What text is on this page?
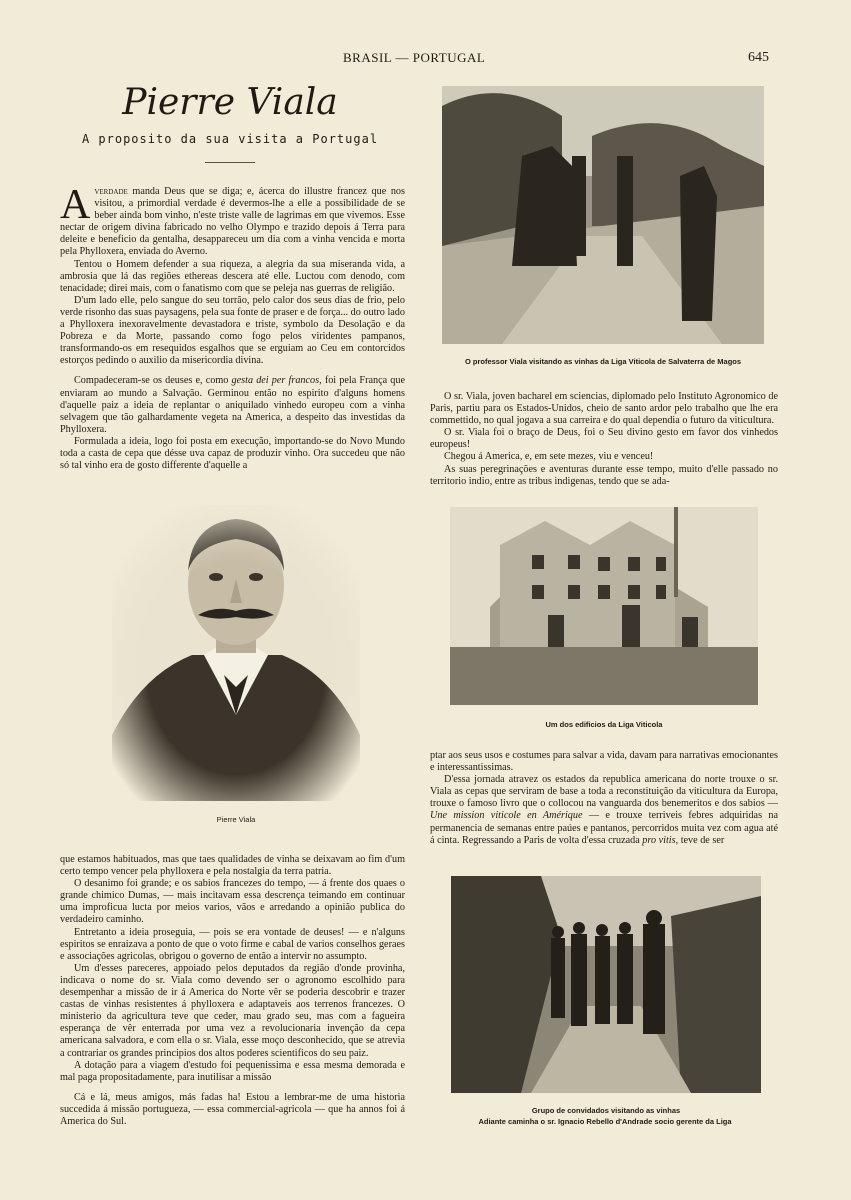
BRASIL — PORTUGAL	645
Pierre Viala
A proposito da sua visita a Portugal

Averdade manda Deus que se diga; e, ácerca do illustre francez que nos visitou, a primordial verdade é devermos-lhe a elle a possibilidade de se beber ainda bom vinho, n'este triste valle de lagrimas em que vivemos. Esse nectar de origem divina fabricado no velho Olympo e trazido depois á Terra para deleite e beneficio da gentalha, desappareceu um dia com a vinha vencida e morta pela Phylloxera, enviada do Averno.

Tentou o Homem defender a sua riqueza, a alegria da sua miseranda vida, a ambrosia que lá das regiões ethereas descera até elle. Luctou com denodo, com tenacidade; direi mais, com o fanatismo com que se peleja nas guerras de religião.

D'um lado elle, pelo sangue do seu torrão, pelo calor dos seus dias de frio, pelo verde risonho das suas paysagens, pela sua fonte de praser e de força... do outro lado a Phylloxera inexoravelmente devastadora e triste, symbolo da Desolação e da Pobreza e da Morte, passando como fogo pelos viridentes pampanos, transformando-os em resequidos esgalhos que se erguiam ao Ceu em contorcidos estorços pedindo o auxilio da misericordia divina.

Compadeceram-se os deuses e, como gesta dei per francos, foi pela França que enviaram ao mundo a Salvação. Germinou então no espirito d'alguns homens d'aquelle paiz a ideia de replantar o aniquilado vinhedo europeu com a vinha selvagem que tão galhardamente vegeta na America, a despeito das investidas da Phylloxera.

Formulada a ideia, logo foi posta em execução, importando-se do Novo Mundo toda a casta de cepa que désse uva capaz de produzir vinho. Ora succedeu que não só tal vinho era de gosto differente d'aquelle a

Pierre Viala

que estamos habituados, mas que taes qualidades de vinha se deixavam ao fim d'um certo tempo vencer pela phylloxera e pela nostalgia da terra patria.

O desanimo foi grande; e os sabios francezes do tempo, — á frente dos quaes o grande chimico Dumas, — mais incitavam essa descrença teimando em continuar uma improficua lucta por meios varios, vãos e arredando a opinião publica do verdadeiro caminho.

Entretanto a ideia proseguia, — pois se era vontade de deuses! — e n'alguns espiritos se enraizava a ponto de que o voto firme e cabal de varios conselhos geraes e associações agricolas, obrigou o governo de então a intervir no assumpto.

Um d'esses pareceres, appoiado pelos deputados da região d'onde provinha, indicava o nome do sr. Viala como devendo ser o agronomo escolhido para desempenhar a missão de ir á America do Norte vêr se poderia descobrir e trazer castas de vinhas resistentes á phylloxera e adaptaveis aos terrenos francezes. O ministerio da agricultura teve que ceder, mau grado seu, mas com a fagueira esperança de vêr enterrada por uma vez a revolucionaria invenção da cepa americana salvadora, e com ella o sr. Viala, esse moço desconhecido, que se atrevia a contrariar os grandes principios dos altos poderes scientificos do seu paiz.

A dotação para a viagem d'estudo foi pequenissima e essa mesma demorada e mal paga propositadamente, para inutilisar a missão

Cá e lá, meus amigos, más fadas ha! Estou a lembrar-me de uma historia succedida á missão portugueza, — essa commercial-agricola — que ha annos foi á America do Sul.

O professor Viala visitando as vinhas da Liga Viticola de Salvaterra de Magos

O sr. Viala, joven bacharel em sciencias, diplomado pelo Instituto Agronomico de Paris, partiu para os Estados-Unidos, cheio de santo ardor pelo trabalho que lhe era commettido, no qual jogava a sua carreira e do qual dependia o futuro da viticultura.

O sr. Viala foi o braço de Deus, foi o Seu divino gesto em favor dos vinhedos europeus!

Chegou á America, e, em sete mezes, viu e venceu!

As suas peregrinações e aventuras durante esse tempo, muito d'elle passado no territorio indio, entre as tribus indigenas, tendo que se ada-

Um dos edificios da Liga Viticola

ptar aos seus usos e costumes para salvar a vida, davam para narrativas emocionantes e interessantissimas.

D'essa jornada atravez os estados da republica americana do norte trouxe o sr. Viala as cepas que serviram de base a toda a reconstituição da viticultura da Europa, trouxe o famoso livro que o collocou na vanguarda dos benemeritos e dos sabios — Une mission viticole en Amérique — e trouxe terriveis febres adquiridas na permanencia de semanas entre paúes e pantanos, percorridos muita vez com agua até á cinta. Regressando a Paris de volta d'essa cruzada pro vitis, teve de ser

Grupo de convidados visitando as vinhas
Adiante caminha o sr. Ignacio Rebello d'Andrade socio gerente da Liga
